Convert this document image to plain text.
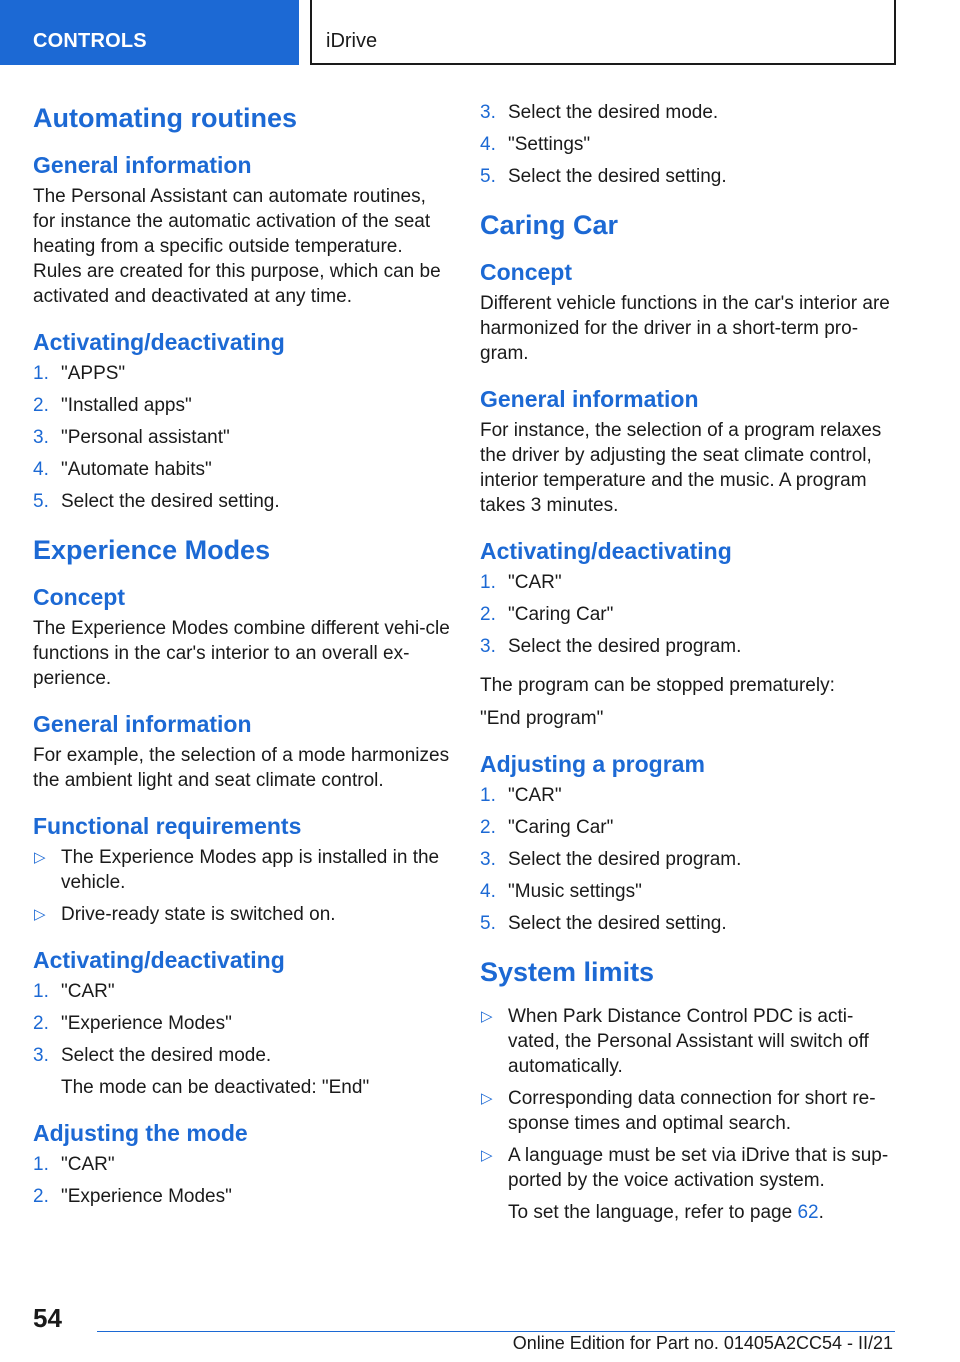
CONTROLS	iDrive
Automating routines
General information

The Personal Assistant can automate routines, for instance the automatic activation of the seat heating from a specific outside temperature. Rules are created for this purpose, which can be activated and deactivated at any time.

Activating/deactivating
1. "APPS"
2. "Installed apps"
3. "Personal assistant"
4. "Automate habits"
5. Select the desired setting.
Experience Modes
Concept

The Experience Modes combine different vehi-cle functions in the car's interior to an overall ex-perience.

General information

For example, the selection of a mode harmonizes the ambient light and seat climate control.

Functional requirements
▷ The Experience Modes app is installed in the vehicle.
▷ Drive-ready state is switched on.
Activating/deactivating
1. "CAR"
2. "Experience Modes"
3. Select the desired mode.
The mode can be deactivated: "End"
Adjusting the mode
1. "CAR"
2. "Experience Modes"
3. Select the desired mode.
4. "Settings"
5. Select the desired setting.
Caring Car
Concept

Different vehicle functions in the car's interior are harmonized for the driver in a short-term pro-gram.

General information

For instance, the selection of a program relaxes the driver by adjusting the seat climate control, interior temperature and the music. A program takes 3 minutes.

Activating/deactivating
1. "CAR"
2. "Caring Car"
3. Select the desired program.

The program can be stopped prematurely:

"End program"

Adjusting a program
1. "CAR"
2. "Caring Car"
3. Select the desired program.
4. "Music settings"
5. Select the desired setting.
System limits
▷ When Park Distance Control PDC is acti-vated, the Personal Assistant will switch off automatically.
▷ Corresponding data connection for short re-sponse times and optimal search.
▷ A language must be set via iDrive that is sup-ported by the voice activation system.
To set the language, refer to page 62.
54
Online Edition for Part no. 01405A2CC54 - II/21
